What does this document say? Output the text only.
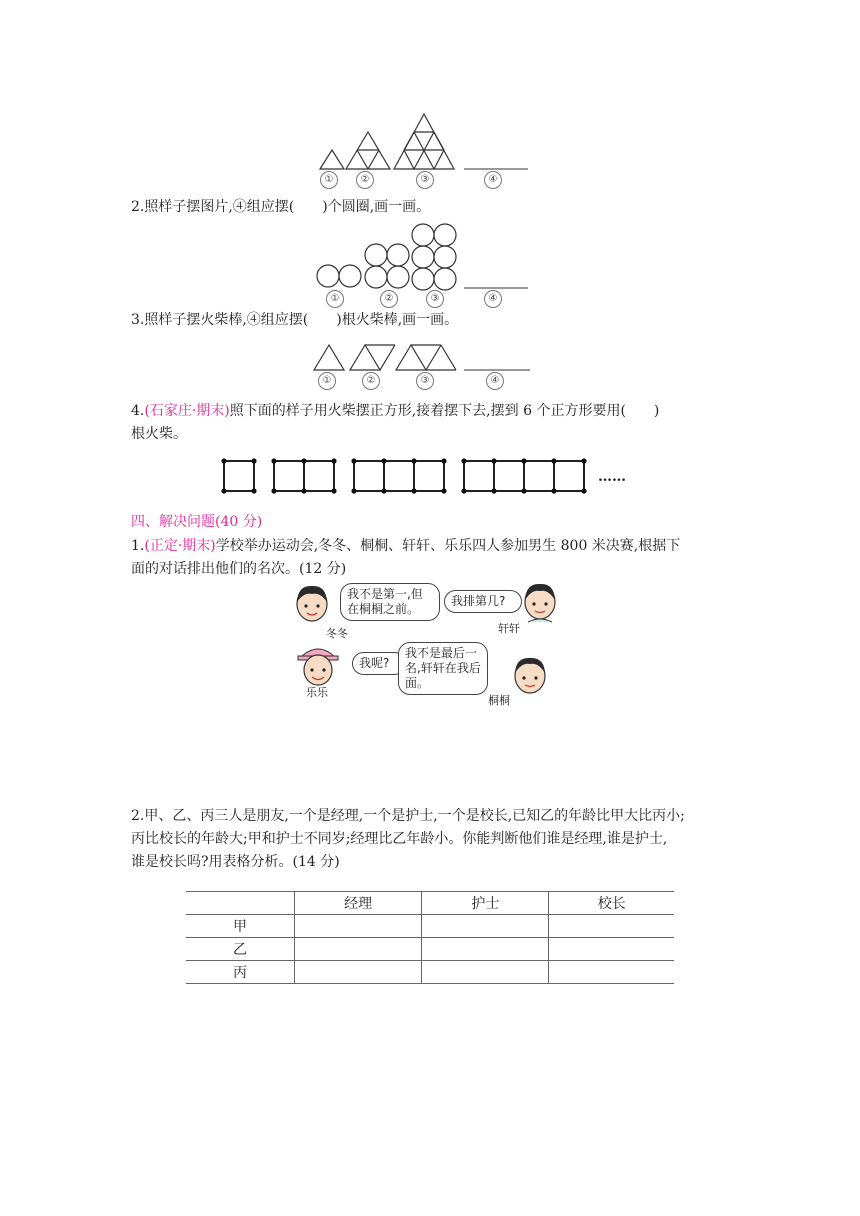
①	②	③	④
2.照样子摆图片,④组应摆(　　)个圆圈,画一画。
①	②	③	④
3.照样子摆火柴棒,④组应摆(　　)根火柴棒,画一画。
①	②	③	④
4.(石家庄·期末)照下面的样子用火柴摆正方形,接着摆下去,摆到 6 个正方形要用(　　)
根火柴。
……
四、解决问题(40 分)
1.(正定·期末)学校举办运动会,冬冬、桐桐、轩轩、乐乐四人参加男生 800 米决赛,根据下
面的对话排出他们的名次。(12 分)
我不是第一,但在桐桐之前。
冬冬
我排第几?
轩轩
我呢?
乐乐
我不是最后一名,轩轩在我后面。
桐桐
2.甲、乙、丙三人是朋友,一个是经理,一个是护士,一个是校长,已知乙的年龄比甲大比丙小;
丙比校长的年龄大;甲和护士不同岁;经理比乙年龄小。你能判断他们谁是经理,谁是护士,
谁是校长吗?用表格分析。(14 分)
	经理	护士	校长
甲			
乙			
丙			
